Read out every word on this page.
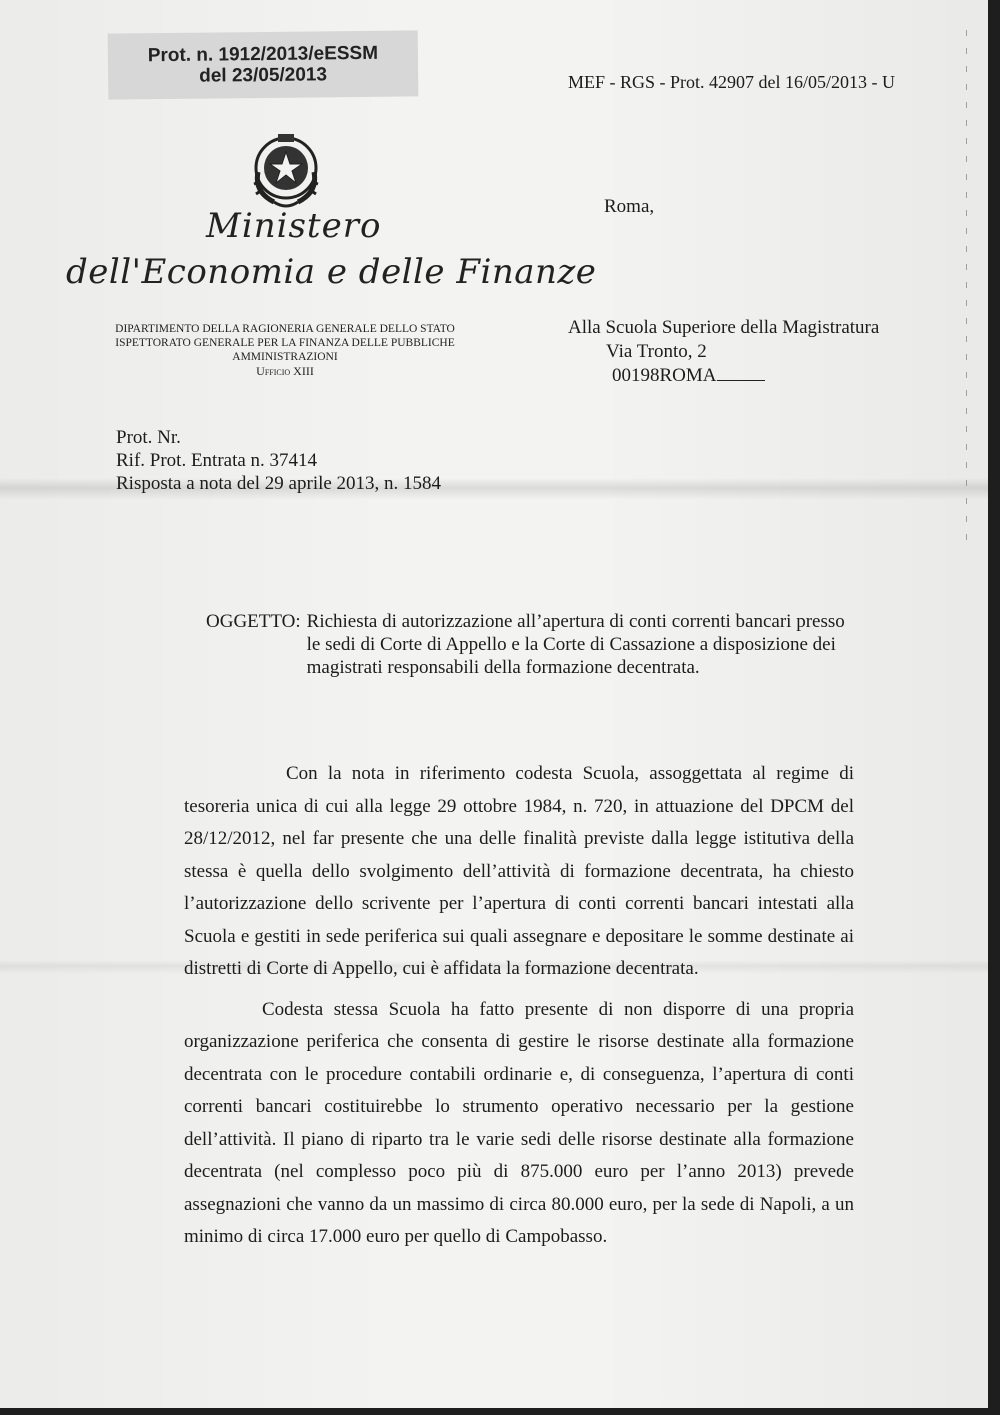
Prot. n. 1912/2013/eESSM
del 23/05/2013	MEF - RGS - Prot. 42907 del 16/05/2013 - U
Ministero
dell'Economia e delle Finanze
DIPARTIMENTO DELLA RAGIONERIA GENERALE DELLO STATO
ISPETTORATO GENERALE PER LA FINANZA DELLE PUBBLICHE
AMMINISTRAZIONI
Ufficio XIII
Roma,
Alla Scuola Superiore della Magistratura
Via Tronto, 2
00198ROMA
Prot. Nr.
Rif. Prot. Entrata n. 37414
Risposta a nota del 29 aprile 2013, n. 1584
OGGETTO: Richiesta di autorizzazione all’apertura di conti correnti bancari presso le sedi di Corte di Appello e la Corte di Cassazione a disposizione dei magistrati responsabili della formazione decentrata.

Con la nota in riferimento codesta Scuola, assoggettata al regime di tesoreria unica di cui alla legge 29 ottobre 1984, n. 720, in attuazione del DPCM del 28/12/2012, nel far presente che una delle finalità previste dalla legge istitutiva della stessa è quella dello svolgimento dell’attività di formazione decentrata, ha chiesto l’autorizzazione dello scrivente per l’apertura di conti correnti bancari intestati alla Scuola e gestiti in sede periferica sui quali assegnare e depositare le somme destinate ai distretti di Corte di Appello, cui è affidata la formazione decentrata.

Codesta stessa Scuola ha fatto presente di non disporre di una propria organizzazione periferica che consenta di gestire le risorse destinate alla formazione decentrata con le procedure contabili ordinarie e, di conseguenza, l’apertura di conti correnti bancari costituirebbe lo strumento operativo necessario per la gestione dell’attività. Il piano di riparto tra le varie sedi delle risorse destinate alla formazione decentrata (nel complesso poco più di 875.000 euro per l’anno 2013) prevede assegnazioni che vanno da un massimo di circa 80.000 euro, per la sede di Napoli, a un minimo di circa 17.000 euro per quello di Campobasso.
